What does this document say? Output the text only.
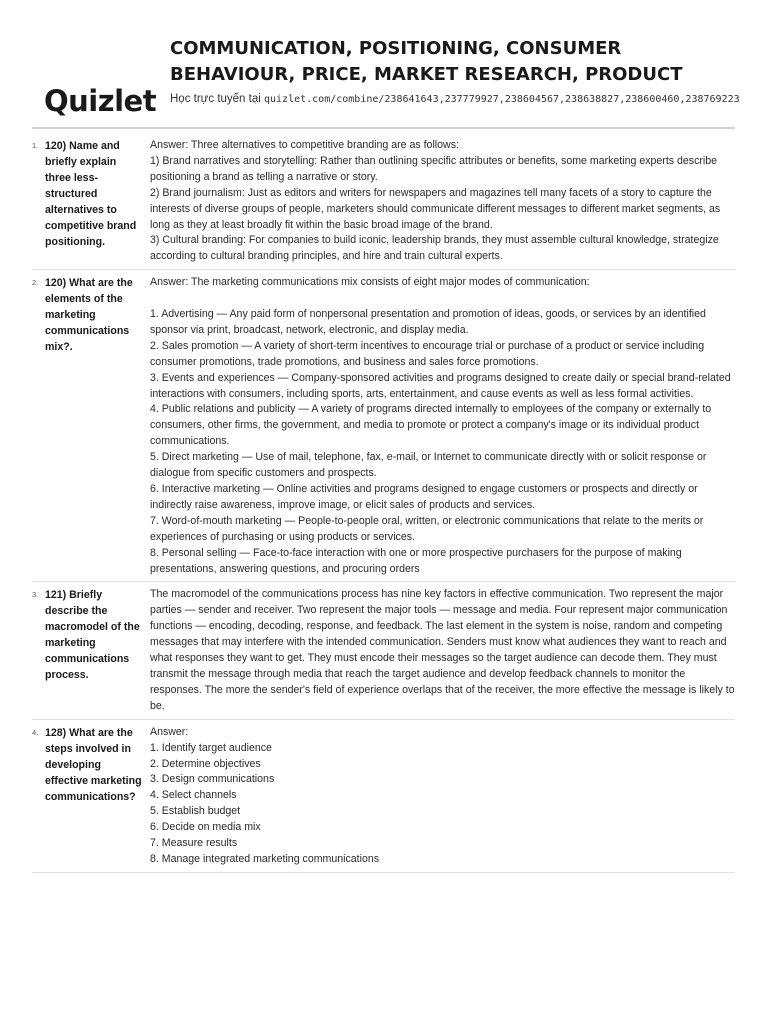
Quizlet
COMMUNICATION, POSITIONING, CONSUMER BEHAVIOUR, PRICE, MARKET RESEARCH, PRODUCT
Học trực tuyến tại quizlet.com/combine/238641643,237779927,238604567,238638827,238600460,238769223
1. 120) Name and briefly explain three less-structured alternatives to competitive brand positioning.
Answer: Three alternatives to competitive branding are as follows:
1) Brand narratives and storytelling: Rather than outlining specific attributes or benefits, some marketing experts describe positioning a brand as telling a narrative or story.
2) Brand journalism: Just as editors and writers for newspapers and magazines tell many facets of a story to capture the interests of diverse groups of people, marketers should communicate different messages to different market segments, as long as they at least broadly fit within the basic broad image of the brand.
3) Cultural branding: For companies to build iconic, leadership brands, they must assemble cultural knowledge, strategize according to cultural branding principles, and hire and train cultural experts.
2. 120) What are the elements of the marketing communications mix?.
Answer: The marketing communications mix consists of eight major modes of communication:
1. Advertising — Any paid form of nonpersonal presentation and promotion of ideas, goods, or services by an identified sponsor via print, broadcast, network, electronic, and display media.
2. Sales promotion — A variety of short-term incentives to encourage trial or purchase of a product or service including consumer promotions, trade promotions, and business and sales force promotions.
3. Events and experiences — Company-sponsored activities and programs designed to create daily or special brand-related interactions with consumers, including sports, arts, entertainment, and cause events as well as less formal activities.
4. Public relations and publicity — A variety of programs directed internally to employees of the company or externally to consumers, other firms, the government, and media to promote or protect a company's image or its individual product communications.
5. Direct marketing — Use of mail, telephone, fax, e-mail, or Internet to communicate directly with or solicit response or dialogue from specific customers and prospects.
6. Interactive marketing — Online activities and programs designed to engage customers or prospects and directly or indirectly raise awareness, improve image, or elicit sales of products and services.
7. Word-of-mouth marketing — People-to-people oral, written, or electronic communications that relate to the merits or experiences of purchasing or using products or services.
8. Personal selling — Face-to-face interaction with one or more prospective purchasers for the purpose of making presentations, answering questions, and procuring orders
3. 121) Briefly describe the macromodel of the marketing communications process.
The macromodel of the communications process has nine key factors in effective communication. Two represent the major parties — sender and receiver. Two represent the major tools — message and media. Four represent major communication functions — encoding, decoding, response, and feedback. The last element in the system is noise, random and competing messages that may interfere with the intended communication. Senders must know what audiences they want to reach and what responses they want to get. They must encode their messages so the target audience can decode them. They must transmit the message through media that reach the target audience and develop feedback channels to monitor the responses. The more the sender's field of experience overlaps that of the receiver, the more effective the message is likely to be.
4. 128) What are the steps involved in developing effective marketing communications?
Answer:
1. Identify target audience
2. Determine objectives
3. Design communications
4. Select channels
5. Establish budget
6. Decide on media mix
7. Measure results
8. Manage integrated marketing communications
